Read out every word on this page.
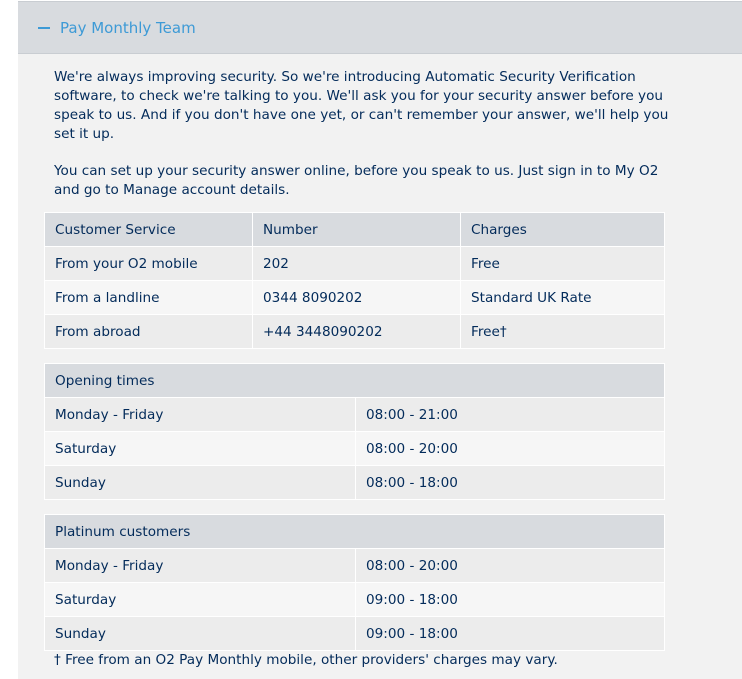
Pay Monthly Team

We're always improving security. So we're introducing Automatic Security Verification software, to check we're talking to you. We'll ask you for your security answer before you speak to us. And if you don't have one yet, or can't remember your answer, we'll help you set it up.

You can set up your security answer online, before you speak to us. Just sign in to My O2 and go to Manage account details.

Customer Service	Number	Charges
From your O2 mobile	202	Free
From a landline	0344 8090202	Standard UK Rate
From abroad	+44 3448090202	Free†
Opening times	
Monday - Friday	08:00 - 21:00
Saturday	08:00 - 20:00
Sunday	08:00 - 18:00
Platinum customers	
Monday - Friday	08:00 - 20:00
Saturday	09:00 - 18:00
Sunday	09:00 - 18:00

† Free from an O2 Pay Monthly mobile, other providers' charges may vary.
